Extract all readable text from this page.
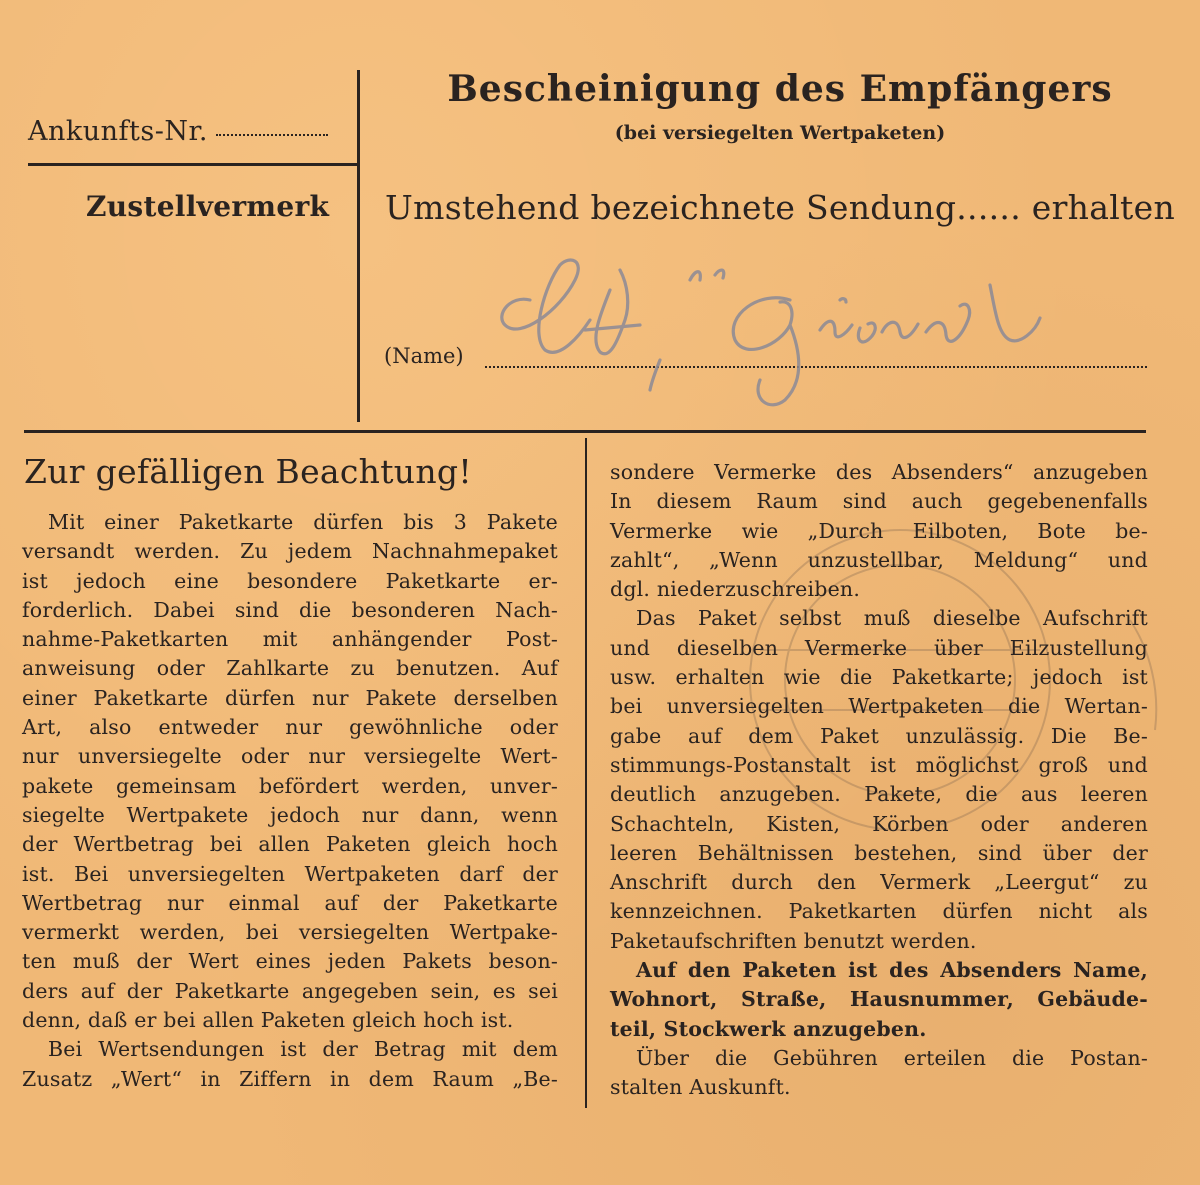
Ankunfts-Nr.
Zustellvermerk
Bescheinigung des Empfängers
(bei versiegelten Wertpaketen)
Umstehend bezeichnete Sendung...... erhalten
(Name)
Zur gefälligen Beachtung!
Mit einer Paketkarte dürfen bis 3 Pakete
versandt werden. Zu jedem Nachnahmepaket
ist jedoch eine besondere Paketkarte er-
forderlich. Dabei sind die besonderen Nach-
nahme-Paketkarten mit anhängender Post-
anweisung oder Zahlkarte zu benutzen. Auf
einer Paketkarte dürfen nur Pakete derselben
Art, also entweder nur gewöhnliche oder
nur unversiegelte oder nur versiegelte Wert-
pakete gemeinsam befördert werden, unver-
siegelte Wertpakete jedoch nur dann, wenn
der Wertbetrag bei allen Paketen gleich hoch
ist. Bei unversiegelten Wertpaketen darf der
Wertbetrag nur einmal auf der Paketkarte
vermerkt werden, bei versiegelten Wertpake-
ten muß der Wert eines jeden Pakets beson-
ders auf der Paketkarte angegeben sein, es sei
denn, daß er bei allen Paketen gleich hoch ist.
Bei Wertsendungen ist der Betrag mit dem
Zusatz „Wert“ in Ziffern in dem Raum „Be-
sondere Vermerke des Absenders“ anzugeben
In diesem Raum sind auch gegebenenfalls
Vermerke wie „Durch Eilboten, Bote be-
zahlt“, „Wenn unzustellbar, Meldung“ und
dgl. niederzuschreiben.
Das Paket selbst muß dieselbe Aufschrift
und dieselben Vermerke über Eilzustellung
usw. erhalten wie die Paketkarte; jedoch ist
bei unversiegelten Wertpaketen die Wertan-
gabe auf dem Paket unzulässig. Die Be-
stimmungs-Postanstalt ist möglichst groß und
deutlich anzugeben. Pakete, die aus leeren
Schachteln, Kisten, Körben oder anderen
leeren Behältnissen bestehen, sind über der
Anschrift durch den Vermerk „Leergut“ zu
kennzeichnen. Paketkarten dürfen nicht als
Paketaufschriften benutzt werden.
Auf den Paketen ist des Absenders Name,
Wohnort, Straße, Hausnummer, Gebäude-
teil, Stockwerk anzugeben.
Über die Gebühren erteilen die Postan-
stalten Auskunft.
